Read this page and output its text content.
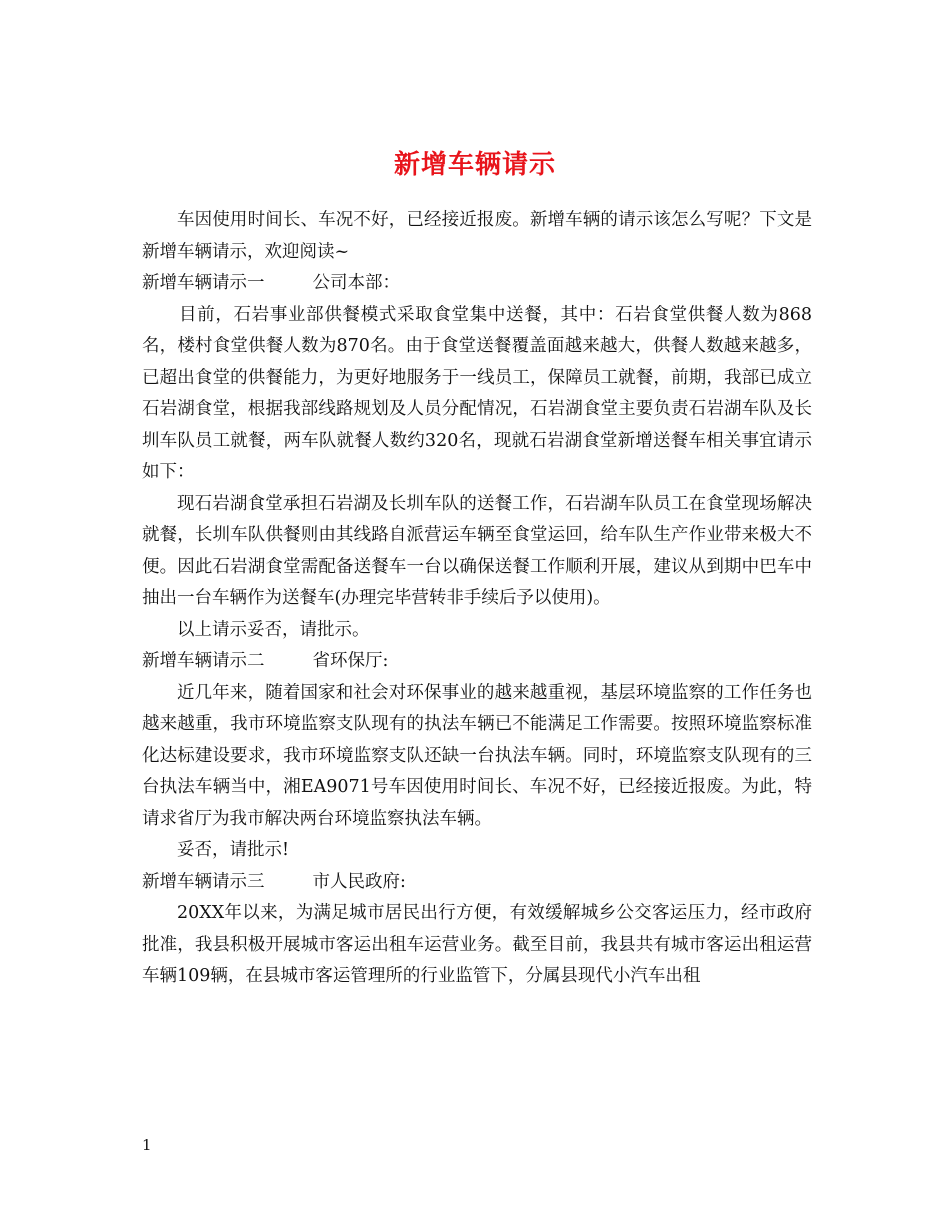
新增车辆请示

车因使用时间长、车况不好，已经接近报废。新增车辆的请示该怎么写呢？下文是新增车辆请示，欢迎阅读~

新增车辆请示一	公司本部：

目前，石岩事业部供餐模式采取食堂集中送餐，其中：石岩食堂供餐人数为868名，楼村食堂供餐人数为870名。由于食堂送餐覆盖面越来越大，供餐人数越来越多，已超出食堂的供餐能力，为更好地服务于一线员工，保障员工就餐，前期，我部已成立石岩湖食堂，根据我部线路规划及人员分配情况，石岩湖食堂主要负责石岩湖车队及长圳车队员工就餐，两车队就餐人数约320名，现就石岩湖食堂新增送餐车相关事宜请示如下：

现石岩湖食堂承担石岩湖及长圳车队的送餐工作，石岩湖车队员工在食堂现场解决就餐，长圳车队供餐则由其线路自派营运车辆至食堂运回，给车队生产作业带来极大不便。因此石岩湖食堂需配备送餐车一台以确保送餐工作顺利开展，建议从到期中巴车中抽出一台车辆作为送餐车(办理完毕营转非手续后予以使用)。

以上请示妥否，请批示。

新增车辆请示二	省环保厅:

近几年来，随着国家和社会对环保事业的越来越重视，基层环境监察的工作任务也越来越重，我市环境监察支队现有的执法车辆已不能满足工作需要。按照环境监察标准化达标建设要求，我市环境监察支队还缺一台执法车辆。同时，环境监察支队现有的三台执法车辆当中，湘EA9071号车因使用时间长、车况不好，已经接近报废。为此，特请求省厅为我市解决两台环境监察执法车辆。

妥否，请批示!

新增车辆请示三	市人民政府:

20XX年以来，为满足城市居民出行方便，有效缓解城乡公交客运压力，经市政府批准，我县积极开展城市客运出租车运营业务。截至目前，我县共有城市客运出租运营车辆109辆，在县城市客运管理所的行业监管下，分属县现代小汽车出租

1
